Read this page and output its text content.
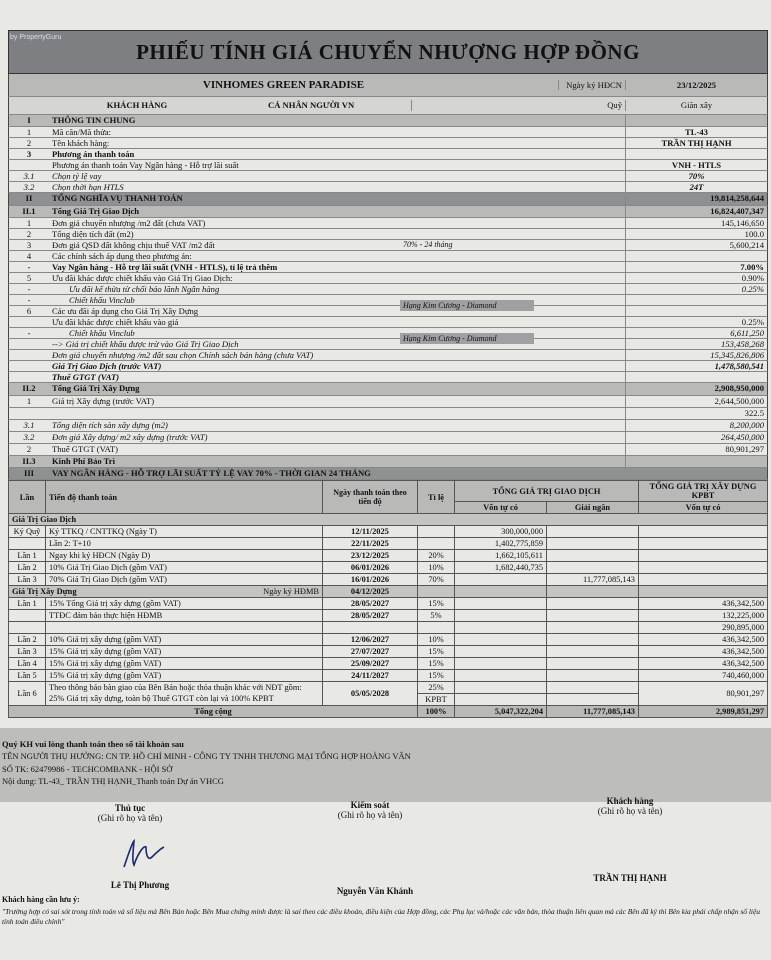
by PropertyGuru
PHIẾU TÍNH GIÁ CHUYỂN NHƯỢNG HỢP ĐỒNG
VINHOMES GREEN PARADISE	Ngày ký HĐCN	23/12/2025
KHÁCH HÀNG	CÁ NHÂN NGƯỜI VN	Quỹ	Giãn xây
I	THÔNG TIN CHUNG
1	Mã căn/Mã thửa:	TL-43
2	Tên khách hàng:	TRẦN THỊ HẠNH
3	Phương án thanh toán
Phương án thanh toán Vay Ngân hàng - Hỗ trợ lãi suất	VNH - HTLS
3.1	Chọn tỷ lệ vay	70%
3.2	Chọn thời hạn HTLS	24T
II	TỔNG NGHĨA VỤ THANH TOÁN	19,814,258,644
II.1	Tổng Giá Trị Giao Dịch	16,824,407,347
1	Đơn giá chuyển nhượng /m2 đất (chưa VAT)	145,146,650
2	Tổng diện tích đất (m2)	100.0
3	Đơn giá QSD đất không chịu thuế VAT /m2 đất	5,600,214
4	Các chính sách áp dụng theo phương án:
-	Vay Ngân hàng - Hỗ trợ lãi suất (VNH - HTLS), tỉ lệ trả thêm	7.00%
5	Ưu đãi khác được chiết khấu vào Giá Trị Giao Dịch:	0.90%
-	Ưu đãi kế thừa từ chối bảo lãnh Ngân hàng	0.25%
-	Chiết khấu Vinclub
6	Các ưu đãi áp dụng cho Giá Trị Xây Dựng
Ưu đãi khác được chiết khấu vào giá	0.25%
-	Chiết khấu Vinclub	6,611,250
--> Giá trị chiết khấu được trừ vào Giá Trị Giao Dịch	153,458,268
Đơn giá chuyển nhượng /m2 đất sau chọn Chính sách bán hàng (chưa VAT)	15,345,826,806
Giá Trị Giao Dịch (trước VAT)	1,478,580,541
Thuế GTGT (VAT)
II.2	Tổng Giá Trị Xây Dựng	2,908,950,000
1	Giá trị Xây dựng (trước VAT)	2,644,500,000
322.5
3.1	Tổng diện tích sàn xây dựng (m2)	8,200,000
3.2	Đơn giá Xây dựng/ m2 xây dựng (trước VAT)	264,450,000
2	Thuế GTGT (VAT)	80,901,297
II.3	Kinh Phí Bảo Trì
III	VAY NGÂN HÀNG - HỖ TRỢ LÃI SUẤT TỶ LỆ VAY 70% - THỜI GIAN 24 THÁNG
Lần	Tiến độ thanh toán	Ngày thanh toán theo tiến độ	Tỉ lệ	TỔNG GIÁ TRỊ GIAO DỊCH		TỔNG GIÁ TRỊ XÂY DỰNG KPBT
				Vốn tự có	Giải ngân	Vốn tự có
Giá Trị Giao Dịch						
Ký Quỹ	Ký TTKQ / CNTTKQ (Ngày T)	12/11/2025		300,000,000		
	Lần 2: T+10	22/11/2025		1,402,775,859		
Lần 1	Ngay khi ký HĐCN (Ngày D)	23/12/2025	20%	1,662,105,611		
Lần 2	10% Giá Trị Giao Dịch (gồm VAT)	06/01/2026	10%	1,682,440,735		
Lần 3	70% Giá Trị Giao Dịch (gồm VAT)	16/01/2026	70%		11,777,085,143	
Giá Trị Xây Dựng Ngày ký HĐMB		04/12/2025				
Lần 1	15% Tổng Giá trị xây dựng (gồm VAT)	28/05/2027	15%			436,342,500
	TTĐC đảm bảo thực hiện HĐMB	28/05/2027	5%			132,225,000
						290,895,000
Lần 2	10% Giá trị xây dựng (gồm VAT)	12/06/2027	10%			436,342,500
Lần 3	15% Giá trị xây dựng (gồm VAT)	27/07/2027	15%			436,342,500
Lần 4	15% Giá trị xây dựng (gồm VAT)	25/09/2027	15%			436,342,500
Lần 5	15% Giá trị xây dựng (gồm VAT)	24/11/2027	15%			740,460,000
Lần 6	Theo thông báo bàn giao của Bên Bán hoặc thỏa thuận khác với NĐT gồm: 25% Giá trị xây dựng, toàn bộ Thuế GTGT còn lại và 100% KPBT	05/05/2028	25%			80,901,297
			KPBT			
Tổng cộng			100%	5,047,322,204	11,777,085,143	2,989,851,297
70% - 24 tháng
Hạng Kim Cương - Diamond
Hạng Kim Cương - Diamond
Quý KH vui lòng thanh toán theo số tài khoản sau
TÊN NGƯỜI THỤ HƯỞNG: CN TP. HỒ CHÍ MINH - CÔNG TY TNHH THƯƠNG MẠI TỔNG HỢP HOÀNG VÂN
SỐ TK: 62479986 - TECHCOMBANK - HỘI SỞ
Nội dung: TL-43_ TRẦN THỊ HẠNH_Thanh toán Dự án VHCG
Thủ tục
(Ghi rõ họ và tên)
Lê Thị Phương
Kiểm soát
(Ghi rõ họ và tên)
Nguyễn Văn Khánh
Khách hàng
(Ghi rõ họ và tên)
TRẦN THỊ HẠNH
Khách hàng cần lưu ý:
"Trường hợp có sai sót trong tính toán và số liệu mà Bên Bán hoặc Bên Mua chứng minh được là sai theo các điều khoản, điều kiện của Hợp đồng, các Phụ lục và/hoặc các văn bản, thỏa thuận liên quan mà các Bên đã ký thì Bên kia phải chấp nhận số liệu tính toán điều chỉnh"
